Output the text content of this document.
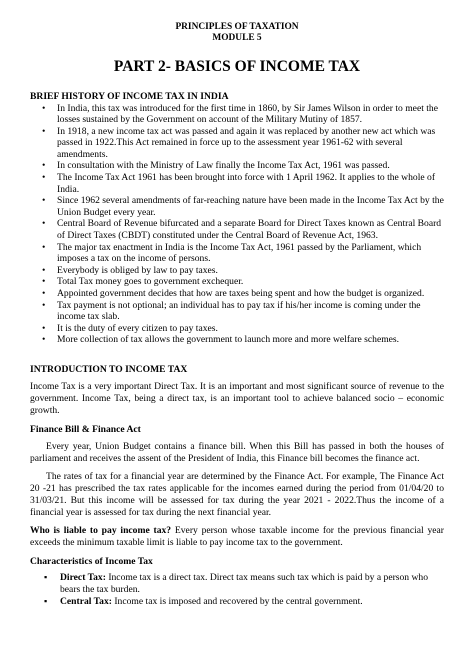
PRINCIPLES OF TAXATION
MODULE 5
PART 2- BASICS OF INCOME TAX
BRIEF HISTORY OF INCOME TAX IN INDIA
• In India, this tax was introduced for the first time in 1860, by Sir James Wilson in order to meet the losses sustained by the Government on account of the Military Mutiny of 1857.
• In 1918, a new income tax act was passed and again it was replaced by another new act which was passed in 1922.This Act remained in force up to the assessment year 1961-62 with several amendments.
• In consultation with the Ministry of Law finally the Income Tax Act, 1961 was passed.
• The Income Tax Act 1961 has been brought into force with 1 April 1962. It applies to the whole of India.
• Since 1962 several amendments of far-reaching nature have been made in the Income Tax Act by the Union Budget every year.
• Central Board of Revenue bifurcated and a separate Board for Direct Taxes known as Central Board of Direct Taxes (CBDT) constituted under the Central Board of Revenue Act, 1963.
• The major tax enactment in India is the Income Tax Act, 1961 passed by the Parliament, which imposes a tax on the income of persons.
• Everybody is obliged by law to pay taxes.
• Total Tax money goes to government exchequer.
• Appointed government decides that how are taxes being spent and how the budget is organized.
• Tax payment is not optional; an individual has to pay tax if his/her income is coming under the income tax slab.
• It is the duty of every citizen to pay taxes.
• More collection of tax allows the government to launch more and more welfare schemes.
INTRODUCTION TO INCOME TAX

Income Tax is a very important Direct Tax. It is an important and most significant source of revenue to the government. Income Tax, being a direct tax, is an important tool to achieve balanced socio – economic growth.

Finance Bill & Finance Act

Every year, Union Budget contains a finance bill. When this Bill has passed in both the houses of parliament and receives the assent of the President of India, this Finance bill becomes the finance act.

The rates of tax for a financial year are determined by the Finance Act. For example, The Finance Act 20 -21 has prescribed the tax rates applicable for the incomes earned during the period from 01/04/20 to 31/03/21. But this income will be assessed for tax during the year 2021 - 2022.Thus the income of a financial year is assessed for tax during the next financial year.

Who is liable to pay income tax? Every person whose taxable income for the previous financial year exceeds the minimum taxable limit is liable to pay income tax to the government.

Characteristics of Income Tax
▪ Direct Tax: Income tax is a direct tax. Direct tax means such tax which is paid by a person who bears the tax burden.
▪ Central Tax: Income tax is imposed and recovered by the central government.
